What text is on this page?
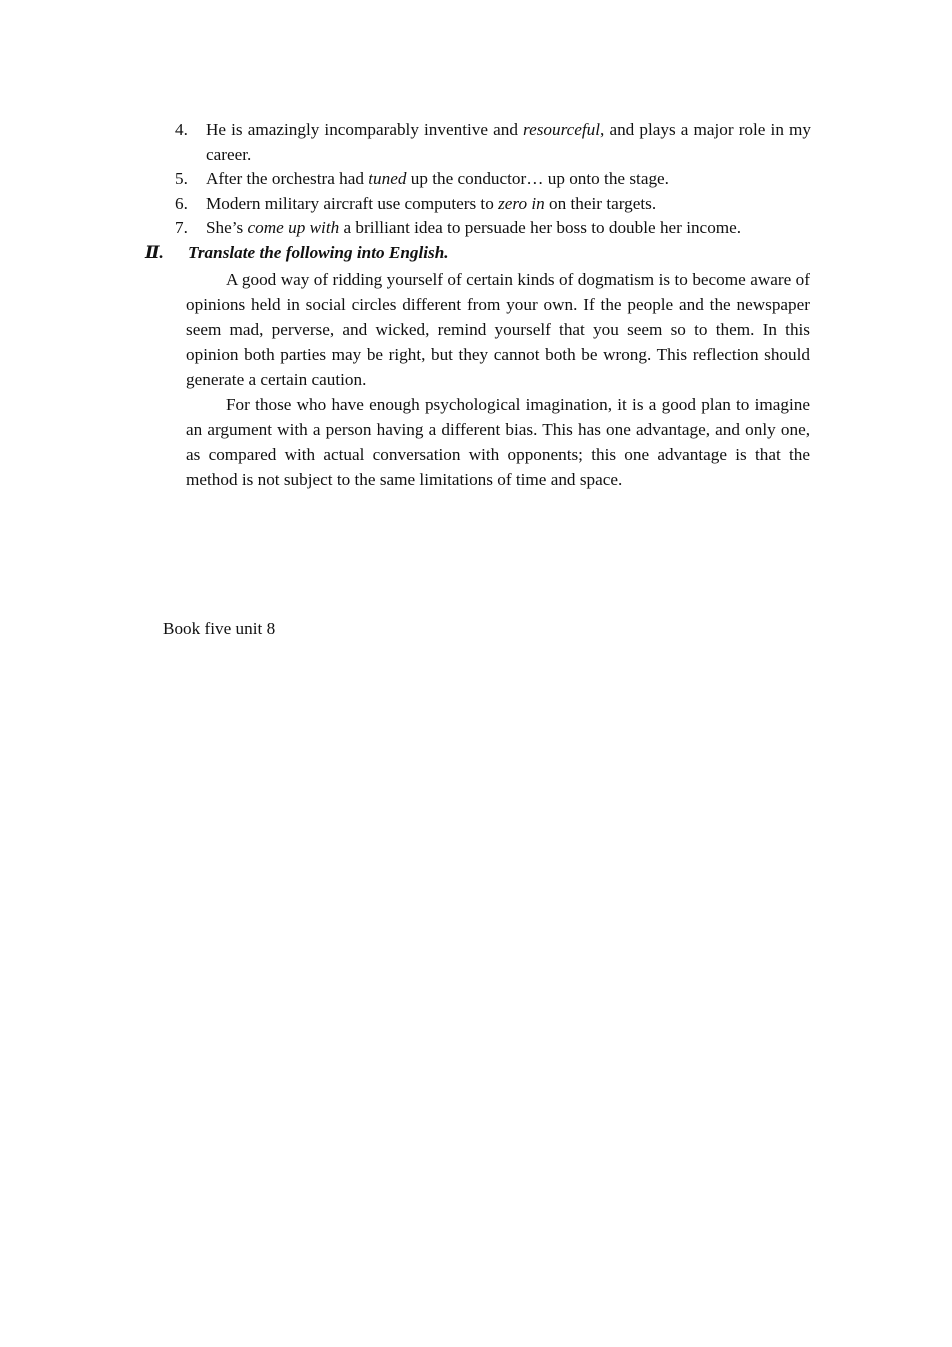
4.	He is amazingly incomparably inventive and resourceful, and plays a major role in my career.
5.	After the orchestra had tuned up the conductor… up onto the stage.
6.	Modern military aircraft use computers to zero in on their targets.
7.	She’s come up with a brilliant idea to persuade her boss to double her income.
Ⅱ.	Translate the following into English.

A good way of ridding yourself of certain kinds of dogmatism is to become aware of opinions held in social circles different from your own. If the people and the newspaper seem mad, perverse, and wicked, remind yourself that you seem so to them. In this opinion both parties may be right, but they cannot both be wrong. This reflection should generate a certain caution.

For those who have enough psychological imagination, it is a good plan to imagine an argument with a person having a different bias. This has one advantage, and only one, as compared with actual conversation with opponents; this one advantage is that the method is not subject to the same limitations of time and space.

Book five unit 8
